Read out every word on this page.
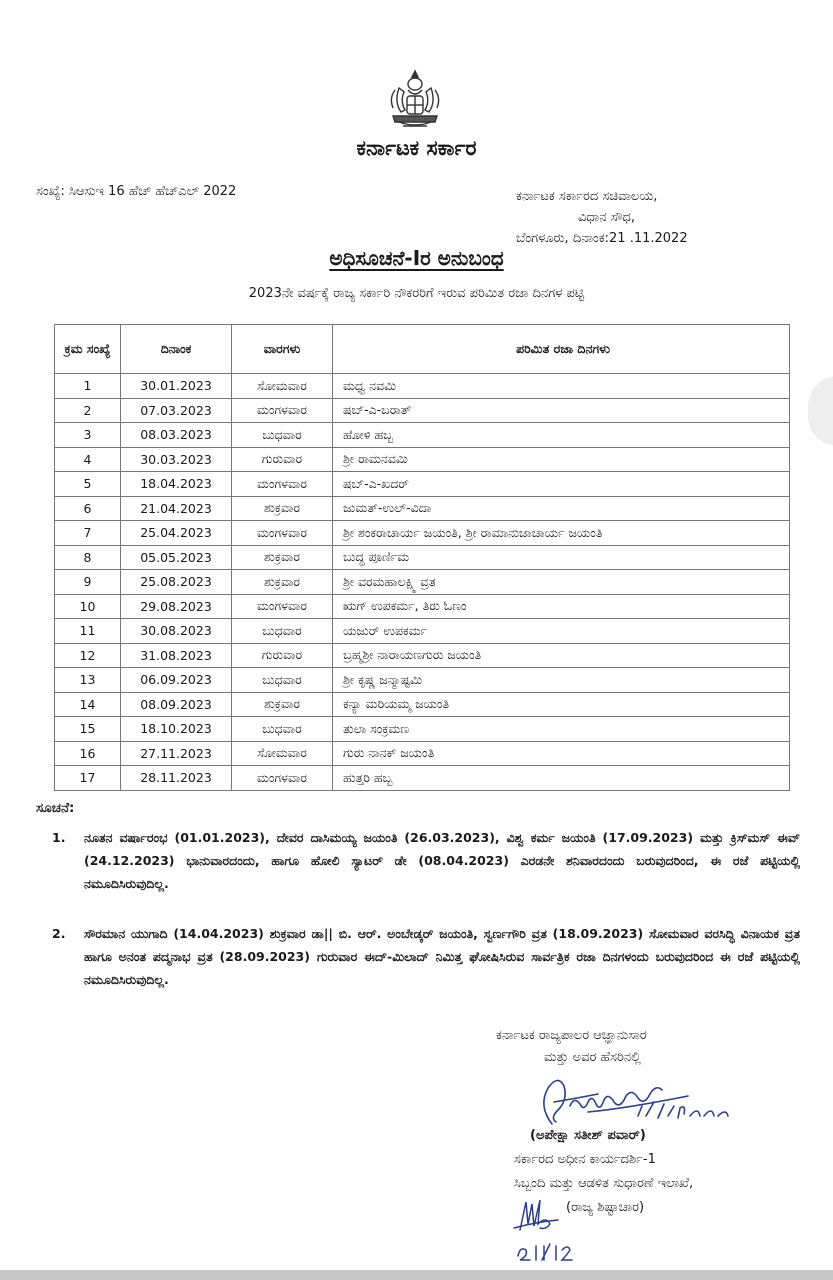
ಕರ್ನಾಟಕ ಸರ್ಕಾರ
ಸಂಖ್ಯೆ: ಸಿಆಸುಇ 16 ಹೆಚ್ ಹೆಚ್ಎಲ್ 2022	ಕರ್ನಾಟಕ ಸರ್ಕಾರದ ಸಚಿವಾಲಯ,
ವಿಧಾನ ಸೌಧ,
ಬೆಂಗಳೂರು, ದಿನಾಂಕ:21 .11.2022
ಅಧಿಸೂಚನೆ-Iರ ಅನುಬಂಧ
2023ನೇ ವರ್ಷಕ್ಕೆ ರಾಜ್ಯ ಸರ್ಕಾರಿ ನೌಕರರಿಗೆ ಇರುವ ಪರಿಮಿತ ರಜಾ ದಿನಗಳ ಪಟ್ಟಿ
ಕ್ರಮ ಸಂಖ್ಯೆ	ದಿನಾಂಕ	ವಾರಗಳು	ಪರಿಮಿತ ರಜಾ ದಿನಗಳು
1	30.01.2023	ಸೋಮವಾರ	ಮಧ್ವ ನವಮಿ
2	07.03.2023	ಮಂಗಳವಾರ	ಷಬ್-ಎ-ಬರಾತ್
3	08.03.2023	ಬುಧವಾರ	ಹೋಳಿ ಹಬ್ಬ
4	30.03.2023	ಗುರುವಾರ	ಶ್ರೀ ರಾಮನವಮಿ
5	18.04.2023	ಮಂಗಳವಾರ	ಷಬ್-ಎ-ಖದರ್
6	21.04.2023	ಶುಕ್ರವಾರ	ಜುಮತ್-ಉಲ್-ವಿದಾ
7	25.04.2023	ಮಂಗಳವಾರ	ಶ್ರೀ ಶಂಕರಾಚಾರ್ಯ ಜಯಂತಿ, ಶ್ರೀ ರಾಮಾನುಜಾಚಾರ್ಯ ಜಯಂತಿ
8	05.05.2023	ಶುಕ್ರವಾರ	ಬುದ್ಧ ಪೂರ್ಣಿಮ
9	25.08.2023	ಶುಕ್ರವಾರ	ಶ್ರೀ ವರಮಹಾಲಕ್ಷ್ಮಿ ವ್ರತ
10	29.08.2023	ಮಂಗಳವಾರ	ಋಗ್ ಉಪಕರ್ಮ, ತಿರು ಓಣಂ
11	30.08.2023	ಬುಧವಾರ	ಯಜುರ್ ಉಪಕರ್ಮ
12	31.08.2023	ಗುರುವಾರ	ಬ್ರಹ್ಮಶ್ರೀ ನಾರಾಯಣಗುರು ಜಯಂತಿ
13	06.09.2023	ಬುಧವಾರ	ಶ್ರೀ ಕೃಷ್ಣ ಜನ್ಮಾಷ್ಟಮಿ
14	08.09.2023	ಶುಕ್ರವಾರ	ಕನ್ಯಾ ಮರಿಯಮ್ಮ ಜಯಂತಿ
15	18.10.2023	ಬುಧವಾರ	ತುಲಾ ಸಂಕ್ರಮಣ
16	27.11.2023	ಸೋಮವಾರ	ಗುರು ನಾನಕ್ ಜಯಂತಿ
17	28.11.2023	ಮಂಗಳವಾರ	ಹುತ್ತರಿ ಹಬ್ಬ
ಸೂಚನೆ:
1.	ನೂತನ ವರ್ಷಾರಂಭ (01.01.2023), ದೇವರ ದಾಸಿಮಯ್ಯ ಜಯಂತಿ (26.03.2023), ವಿಶ್ವ ಕರ್ಮ ಜಯಂತಿ (17.09.2023) ಮತ್ತು ಕ್ರಿಸ್‌ಮಸ್ ಈವ್ (24.12.2023) ಭಾನುವಾರದಂದು, ಹಾಗೂ ಹೋಲಿ ಸ್ಯಾಟರ್ ಡೇ (08.04.2023) ಎರಡನೇ ಶನಿವಾರದಂದು ಬರುವುದರಿಂದ, ಈ ರಜೆ ಪಟ್ಟಿಯಲ್ಲಿ ನಮೂದಿಸಿರುವುದಿಲ್ಲ.
2.	ಸೌರಮಾನ ಯುಗಾದಿ (14.04.2023) ಶುಕ್ರವಾರ ಡಾ|| ಬಿ. ಆರ್. ಅಂಬೇಡ್ಕರ್ ಜಯಂತಿ, ಸ್ವರ್ಣಗೌರಿ ವ್ರತ (18.09.2023) ಸೋಮವಾರ ವರಸಿದ್ಧಿ ವಿನಾಯಕ ವ್ರತ ಹಾಗೂ ಅನಂತ ಪದ್ಮನಾಭ ವ್ರತ (28.09.2023) ಗುರುವಾರ ಈದ್-ಮಿಲಾದ್ ನಿಮಿತ್ತ ಘೋಷಿಸಿರುವ ಸಾರ್ವತ್ರಿಕ ರಜಾ ದಿನಗಳಂದು ಬರುವುದರಿಂದ ಈ ರಜೆ ಪಟ್ಟಿಯಲ್ಲಿ ನಮೂದಿಸಿರುವುದಿಲ್ಲ.
ಕರ್ನಾಟಕ ರಾಜ್ಯಪಾಲರ ಆಜ್ಞಾನುಸಾರ
ಮತ್ತು ಅವರ ಹೆಸರಿನಲ್ಲಿ
(ಅಪೇಕ್ಷಾ ಸತೀಶ್ ಪವಾರ್)
ಸರ್ಕಾರದ ಅಧೀನ ಕಾರ್ಯದರ್ಶಿ-1
ಸಿಬ್ಬಂದಿ ಮತ್ತು ಆಡಳಿತ ಸುಧಾರಣೆ ಇಲಾಖೆ,
(ರಾಜ್ಯ ಶಿಷ್ಟಾಚಾರ)
